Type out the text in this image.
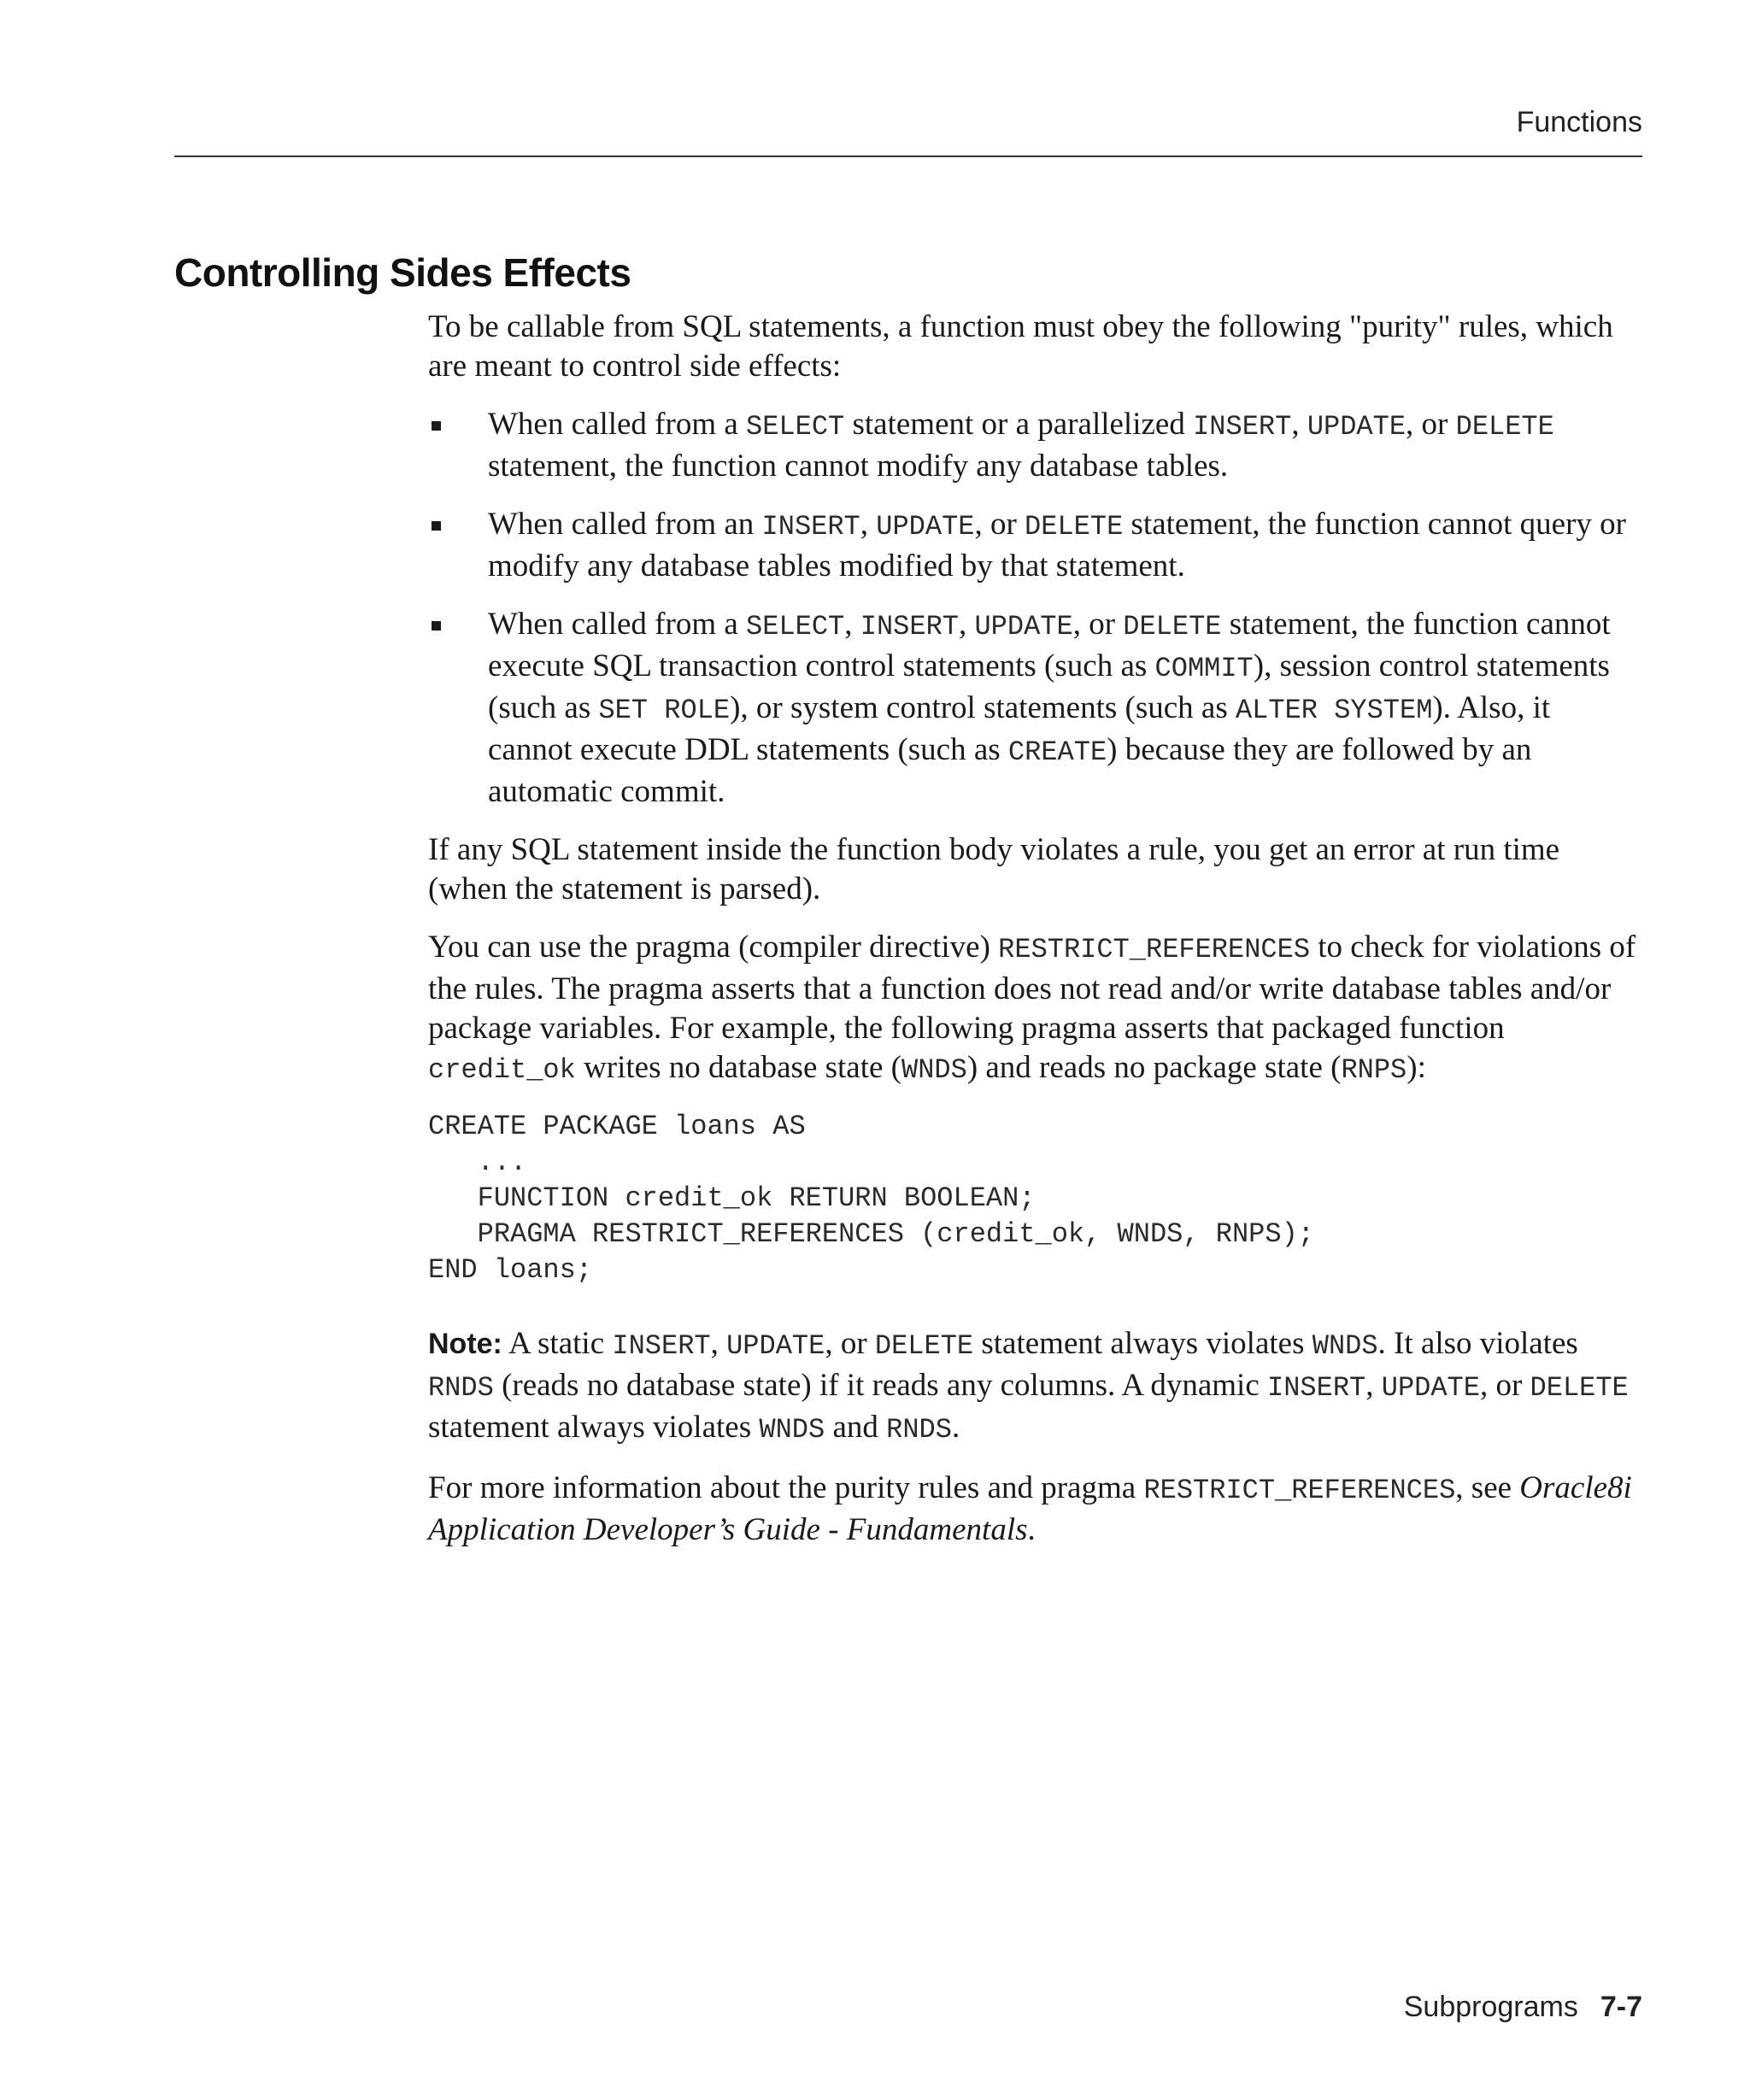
Functions
Controlling Sides Effects

To be callable from SQL statements, a function must obey the following "purity" rules, which are meant to control side effects:

When called from a SELECT statement or a parallelized INSERT, UPDATE, or DELETE statement, the function cannot modify any database tables.
When called from an INSERT, UPDATE, or DELETE statement, the function cannot query or modify any database tables modified by that statement.
When called from a SELECT, INSERT, UPDATE, or DELETE statement, the function cannot execute SQL transaction control statements (such as COMMIT), session control statements (such as SET ROLE), or system control statements (such as ALTER SYSTEM). Also, it cannot execute DDL statements (such as CREATE) because they are followed by an automatic commit.

If any SQL statement inside the function body violates a rule, you get an error at run time (when the statement is parsed).

You can use the pragma (compiler directive) RESTRICT_REFERENCES to check for violations of the rules. The pragma asserts that a function does not read and/or write database tables and/or package variables. For example, the following pragma asserts that packaged function credit_ok writes no database state (WNDS) and reads no package state (RNPS):

CREATE PACKAGE loans AS
...
FUNCTION credit_ok RETURN BOOLEAN;
PRAGMA RESTRICT_REFERENCES (credit_ok, WNDS, RNPS);
END loans;

Note: A static INSERT, UPDATE, or DELETE statement always violates WNDS. It also violates RNDS (reads no database state) if it reads any columns. A dynamic INSERT, UPDATE, or DELETE statement always violates WNDS and RNDS.

For more information about the purity rules and pragma RESTRICT_REFERENCES, see Oracle8i Application Developer’s Guide - Fundamentals.

Subprograms 7-7
